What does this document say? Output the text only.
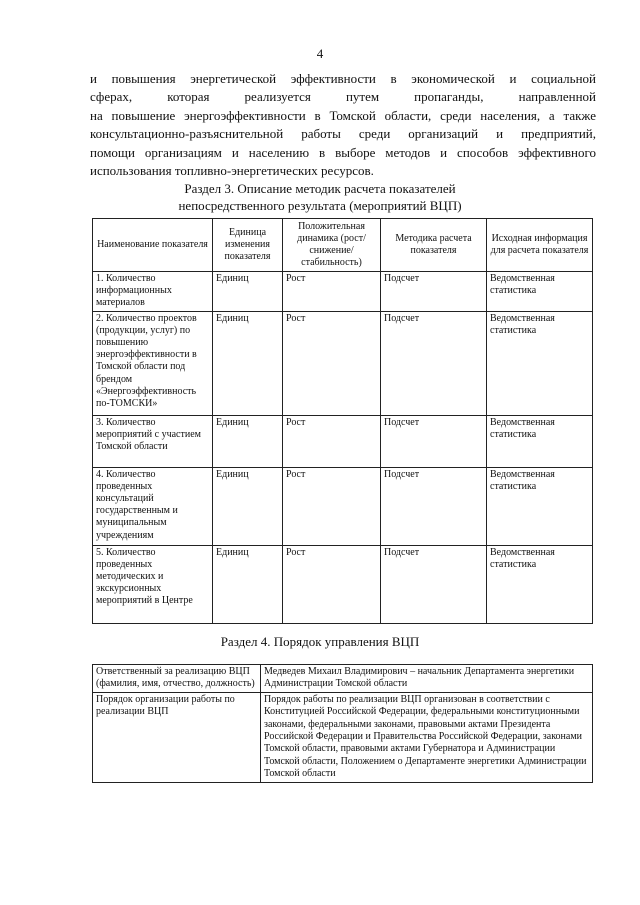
4
и повышения энергетической эффективности в экономической и социальной
сферах, которая реализуется путем пропаганды, направленной
на повышение энергоэффективности в Томской области, среди населения, а также
консультационно-разъяснительной работы среди организаций и предприятий,
помощи организациям и населению в выборе методов и способов эффективного
использования топливно-энергетических ресурсов.
Раздел 3. Описание методик расчета показателей
непосредственного результата (мероприятий ВЦП)
Наименование показателя	Единица изменения показателя	Положительная динамика (рост/снижение/ стабильность)	Методика расчета показателя	Исходная информация для расчета показателя
1. Количество информационных материалов	Единиц	Рост	Подсчет	Ведомственная статистика
2. Количество проектов (продукции, услуг) по повышению энергоэффективности в Томской области под брендом «Энергоэффективность по-ТОМСКИ»	Единиц	Рост	Подсчет	Ведомственная статистика
3. Количество мероприятий с участием Томской области	Единиц	Рост	Подсчет	Ведомственная статистика
4. Количество проведенных консультаций государственным и муниципальным учреждениям	Единиц	Рост	Подсчет	Ведомственная статистика
5. Количество проведенных методических и экскурсионных мероприятий в Центре	Единиц	Рост	Подсчет	Ведомственная статистика
Раздел 4. Порядок управления ВЦП
Ответственный за реализацию ВЦП (фамилия, имя, отчество, должность)	Медведев Михаил Владимирович – начальник Департамента энергетики Администрации Томской области
Порядок организации работы по реализации ВЦП	Порядок работы по реализации ВЦП организован в соответствии с Конституцией Российской Федерации, федеральными конституционными законами, федеральными законами, правовыми актами Президента Российской Федерации и Правительства Российской Федерации, законами Томской области, правовыми актами Губернатора и Администрации Томской области, Положением о Департаменте энергетики Администрации Томской области
